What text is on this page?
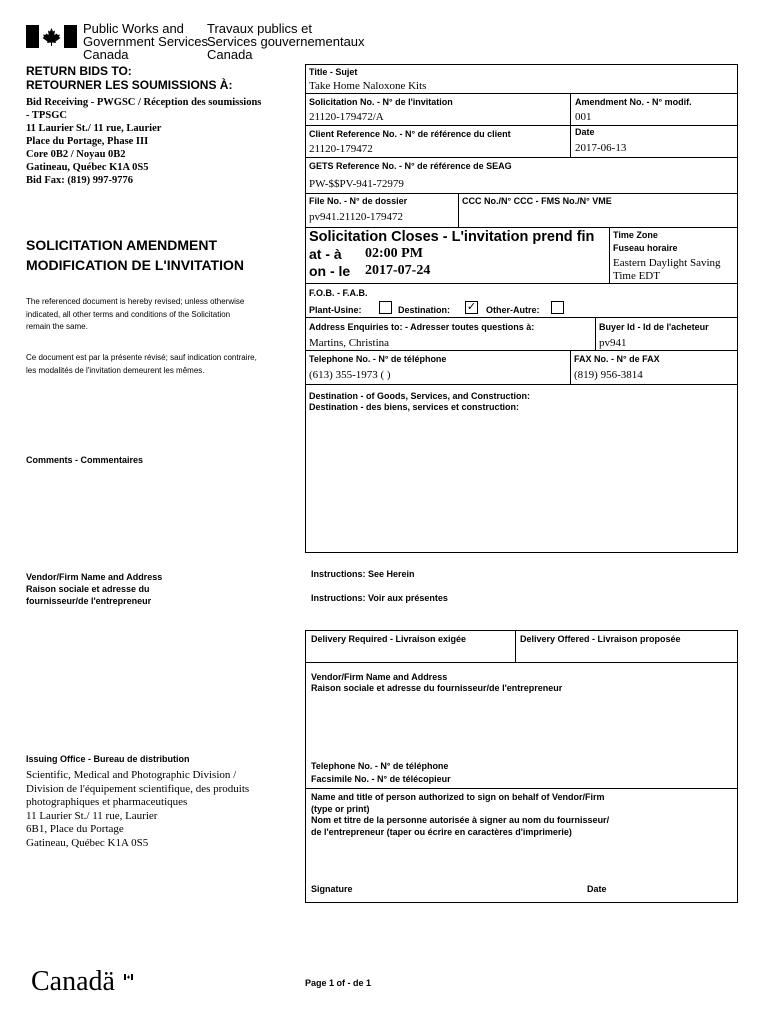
Public Works and
Government Services
Canada
Travaux publics et
Services gouvernementaux
Canada
RETURN BIDS TO:
RETOURNER LES SOUMISSIONS À:
Bid Receiving - PWGSC / Réception des soumissions
- TPSGC
11 Laurier St./ 11 rue, Laurier
Place du Portage, Phase III
Core 0B2 / Noyau 0B2
Gatineau, Québec K1A 0S5
Bid Fax: (819) 997-9776
SOLICITATION AMENDMENT
MODIFICATION DE L'INVITATION
The referenced document is hereby revised; unless otherwise
indicated, all other terms and conditions of the Solicitation
remain the same.
Ce document est par la présente révisé; sauf indication contraire,
les modalités de l'invitation demeurent les mêmes.
Comments - Commentaires
Vendor/Firm Name and Address
Raison sociale et adresse du
fournisseur/de l'entrepreneur
Issuing Office - Bureau de distribution
Scientific, Medical and Photographic Division /
Division de l'équipement scientifique, des produits
photographiques et pharmaceutiques
11 Laurier St./ 11 rue, Laurier
6B1, Place du Portage
Gatineau, Québec K1A 0S5
Title - Sujet
Take Home Naloxone Kits
Solicitation No. - N° de l'invitation
21120-179472/A
Amendment No. - N° modif.
001
Client Reference No. - N° de référence du client
21120-179472
Date
2017-06-13
GETS Reference No. - N° de référence de SEAG
PW-$$PV-941-72979
File No. - N° de dossier
pv941.21120-179472
CCC No./N° CCC - FMS No./N° VME
Solicitation Closes - L'invitation prend fin
at - à 02:00 PM
on - le 2017-07-24
Time Zone
Fuseau horaire
Eastern Daylight Saving
Time EDT
F.O.B. - F.A.B.
Plant-Usine:	Destination: ✓ Other-Autre:
Address Enquiries to: - Adresser toutes questions à:
Martins, Christina
Buyer Id - Id de l'acheteur
pv941
Telephone No. - N° de téléphone
(613) 355-1973 ( )
FAX No. - N° de FAX
(819) 956-3814
Destination - of Goods, Services, and Construction:
Destination - des biens, services et construction:
Instructions: See Herein
Instructions: Voir aux présentes
Delivery Required - Livraison exigée	Delivery Offered - Livraison proposée
Vendor/Firm Name and Address
Raison sociale et adresse du fournisseur/de l'entrepreneur
Telephone No. - N° de téléphone
Facsimile No. - N° de télécopieur
Name and title of person authorized to sign on behalf of Vendor/Firm
(type or print)
Nom et titre de la personne autorisée à signer au nom du fournisseur/
de l'entrepreneur (taper ou écrire en caractères d'imprimerie)
Signature	Date
Canadä	Page 1 of - de 1
